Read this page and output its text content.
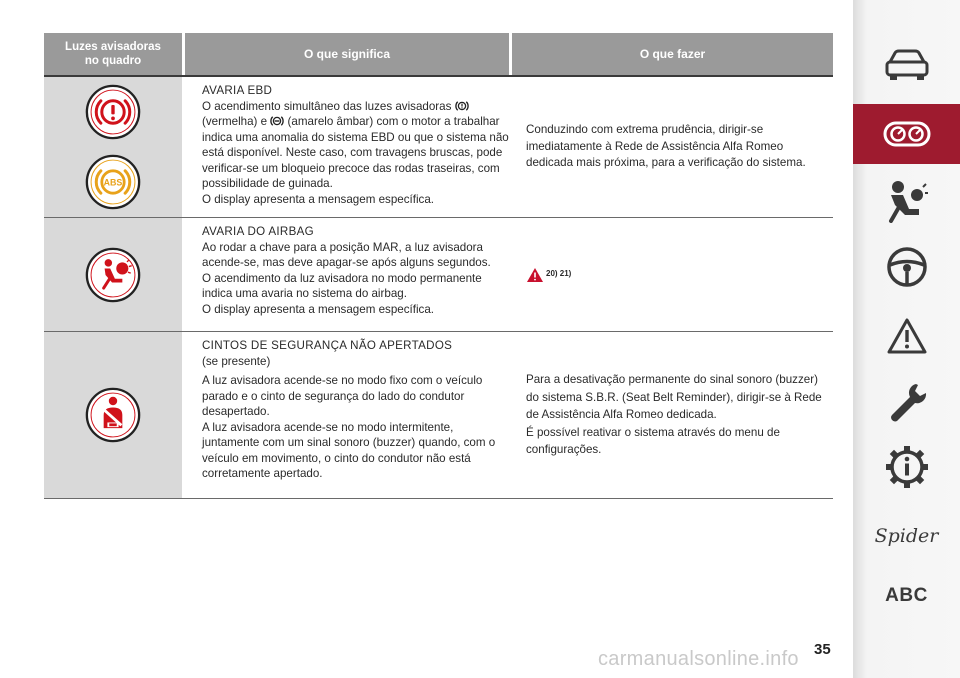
Luzes avisadoras
no quadro	O que significa	O que fazer
ABS

AVARIA EBD

O acendimento simultâneo das luzes avisadoras

(vermelha) e (amarelo âmbar) com o motor a trabalhar

indica uma anomalia do sistema EBD ou que o sistema não

está disponível. Neste caso, com travagens bruscas, pode

verificar-se um bloqueio precoce das rodas traseiras, com

possibilidade de guinada.

O display apresenta a mensagem específica.

Conduzindo com extrema prudência, dirigir-se

imediatamente à Rede de Assistência Alfa Romeo

dedicada mais próxima, para a verificação do sistema.

AVARIA DO AIRBAG

Ao rodar a chave para a posição MAR, a luz avisadora

acende-se, mas deve apagar-se após alguns segundos.

O acendimento da luz avisadora no modo permanente

indica uma avaria no sistema do airbag.

O display apresenta a mensagem específica.

20) 21)

CINTOS DE SEGURANÇA NÃO APERTADOS

(se presente)

A luz avisadora acende-se no modo fixo com o veículo

parado e o cinto de segurança do lado do condutor

desapertado.

A luz avisadora acende-se no modo intermitente,

juntamente com um sinal sonoro (buzzer) quando, com o

veículo em movimento, o cinto do condutor não está

corretamente apertado.

Para a desativação permanente do sinal sonoro (buzzer)

do sistema S.B.R. (Seat Belt Reminder), dirigir-se à Rede

de Assistência Alfa Romeo dedicada.

É possível reativar o sistema através do menu de

configurações.

Spider
ABC
35
carmanualsonline.info
